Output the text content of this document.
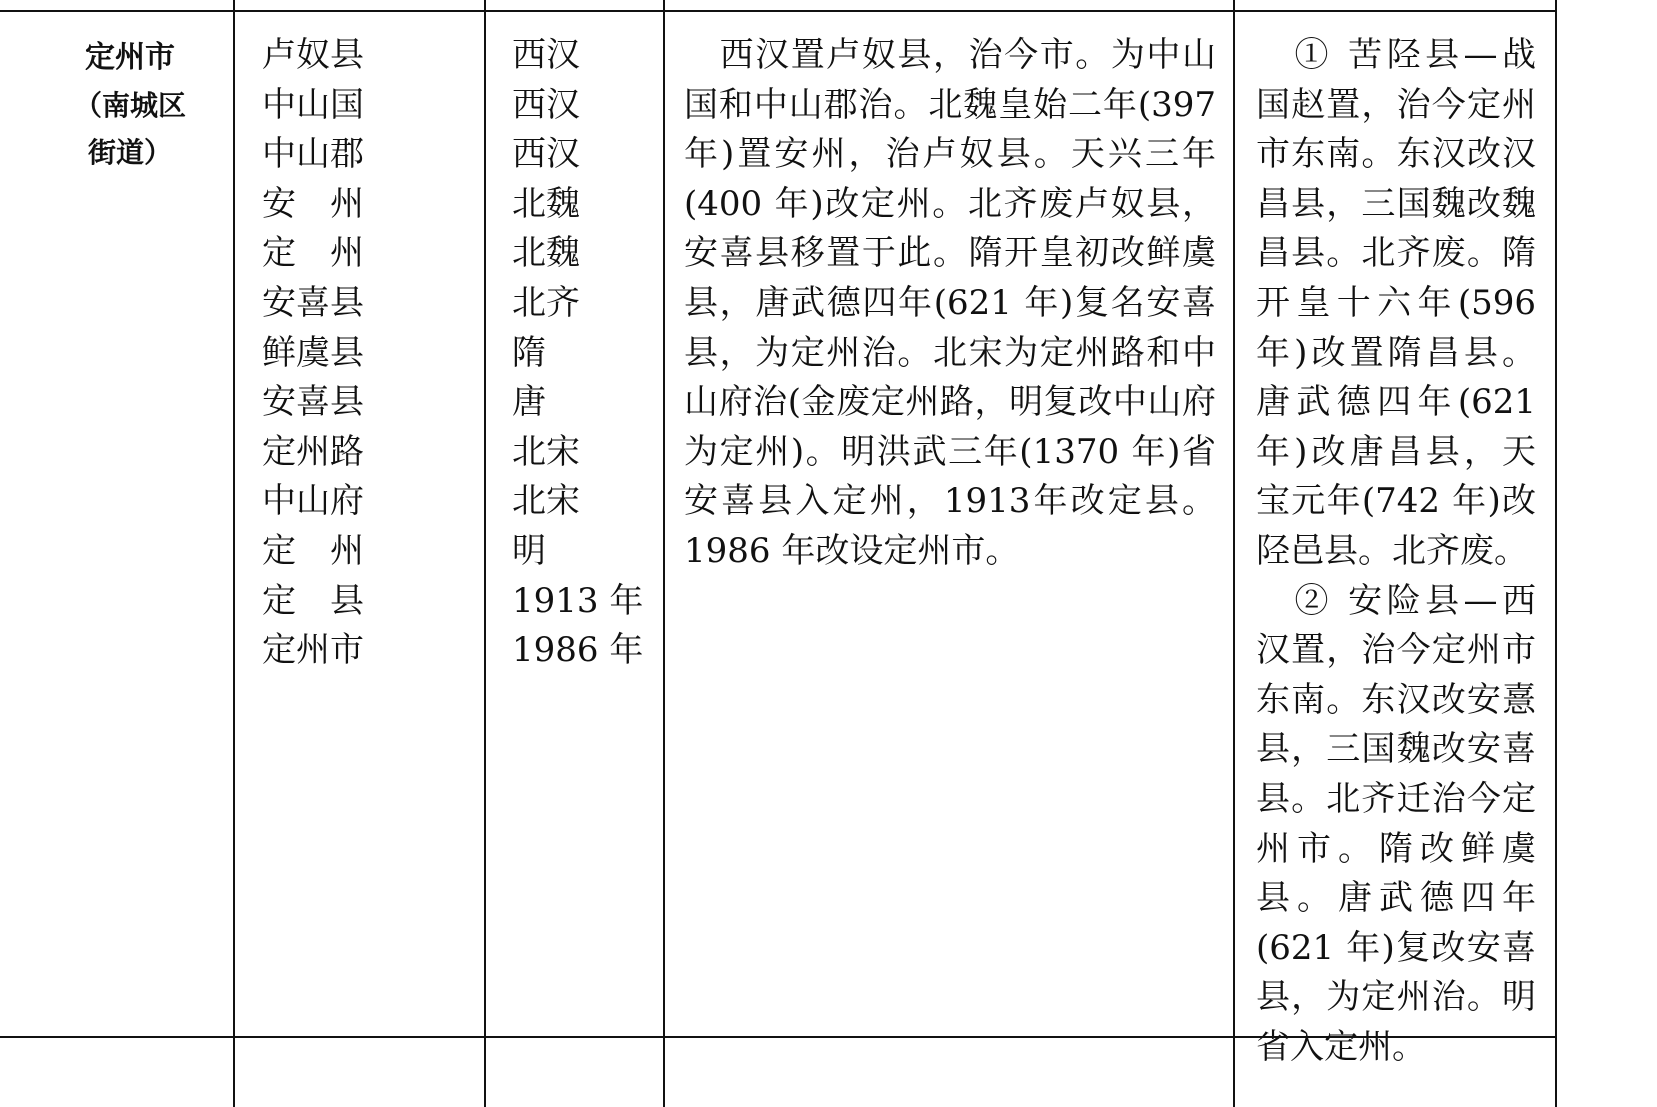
定州市
（南城区
街道）
卢奴县
中山国
中山郡
安　州
定　州
安喜县
鲜虞县
安喜县
定州路
中山府
定　州
定　县
定州市
西汉
西汉
西汉
北魏
北魏
北齐
隋
唐
北宋
北宋
明
1913 年
1986 年

西汉置卢奴县，治今市。为中山国和中山郡治。北魏皇始二年(397 年)置安州，治卢奴县。天兴三年(400 年)改定州。北齐废卢奴县，安喜县移置于此。隋开皇初改鲜虞县，唐武德四年(621 年)复名安喜县，为定州治。北宋为定州路和中山府治(金废定州路，明复改中山府为定州)。明洪武三年(1370 年)省安喜县入定州，1913年改定县。1986 年改设定州市。

① 苦陉县—战国赵置，治今定州市东南。东汉改汉昌县，三国魏改魏昌县。北齐废。隋开皇十六年(596年)改置隋昌县。唐武德四年(621年)改唐昌县，天宝元年(742 年)改陉邑县。北齐废。

② 安险县—西汉置，治今定州市东南。东汉改安憙县，三国魏改安喜县。北齐迁治今定州市。隋改鲜虞县。唐武德四年(621 年)复改安喜县，为定州治。明省入定州。
